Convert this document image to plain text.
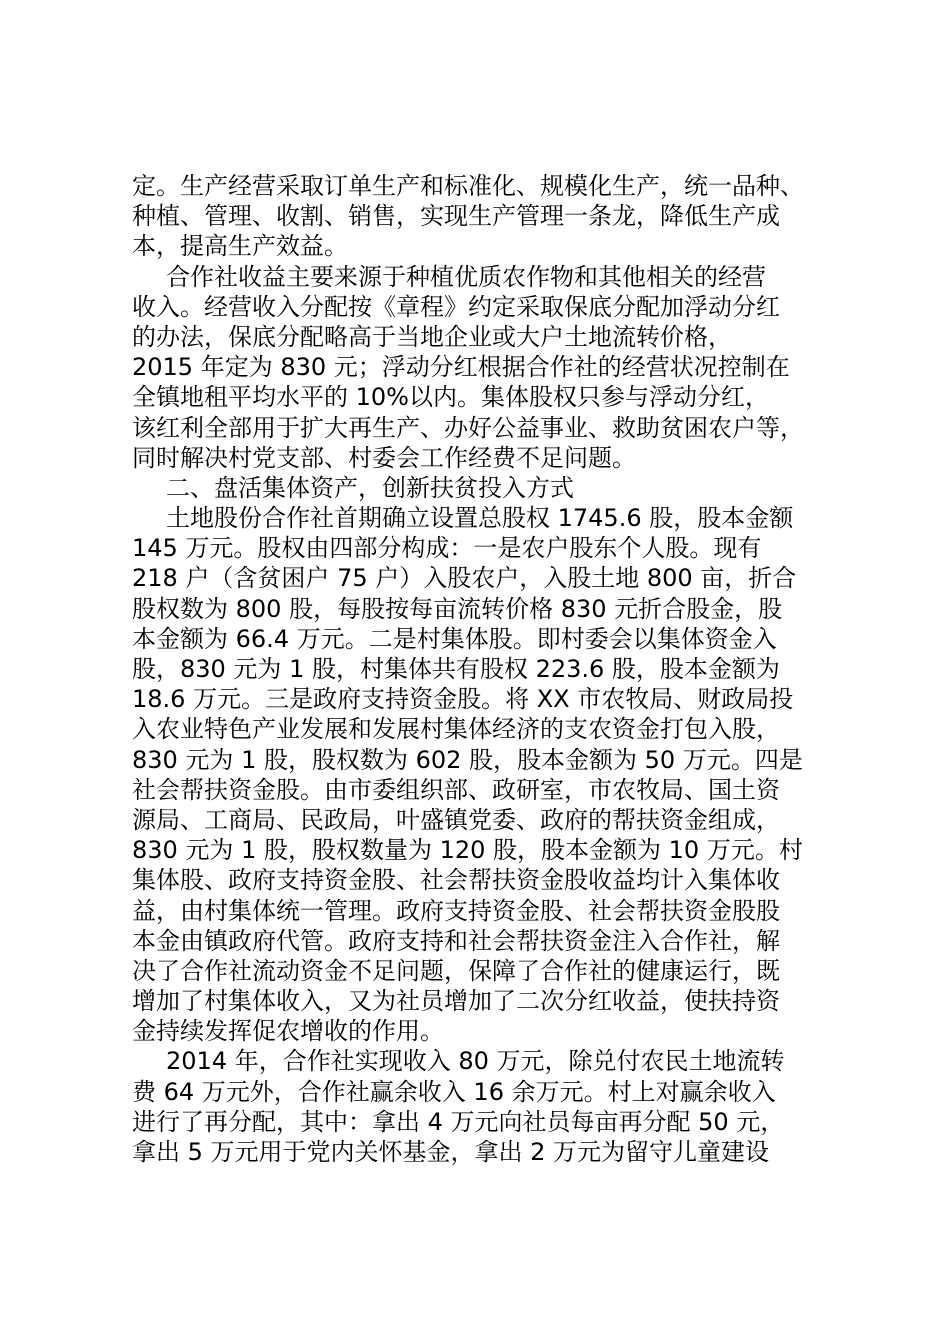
定。生产经营采取订单生产和标准化、规模化生产，统一品种、
种植、管理、收割、销售，实现生产管理一条龙，降低生产成
本，提高生产效益。
合作社收益主要来源于种植优质农作物和其他相关的经营
收入。经营收入分配按《章程》约定采取保底分配加浮动分红
的办法，保底分配略高于当地企业或大户土地流转价格，
2015 年定为 830 元；浮动分红根据合作社的经营状况控制在
全镇地租平均水平的 10%以内。集体股权只参与浮动分红，
该红利全部用于扩大再生产、办好公益事业、救助贫困农户等，
同时解决村党支部、村委会工作经费不足问题。
二、盘活集体资产，创新扶贫投入方式
土地股份合作社首期确立设置总股权 1745.6 股，股本金额
145 万元。股权由四部分构成：一是农户股东个人股。现有
218 户（含贫困户 75 户）入股农户，入股土地 800 亩，折合
股权数为 800 股，每股按每亩流转价格 830 元折合股金，股
本金额为 66.4 万元。二是村集体股。即村委会以集体资金入
股，830 元为 1 股，村集体共有股权 223.6 股，股本金额为
18.6 万元。三是政府支持资金股。将 XX 市农牧局、财政局投
入农业特色产业发展和发展村集体经济的支农资金打包入股，
830 元为 1 股，股权数为 602 股，股本金额为 50 万元。四是
社会帮扶资金股。由市委组织部、政研室，市农牧局、国土资
源局、工商局、民政局，叶盛镇党委、政府的帮扶资金组成，
830 元为 1 股，股权数量为 120 股，股本金额为 10 万元。村
集体股、政府支持资金股、社会帮扶资金股收益均计入集体收
益，由村集体统一管理。政府支持资金股、社会帮扶资金股股
本金由镇政府代管。政府支持和社会帮扶资金注入合作社，解
决了合作社流动资金不足问题，保障了合作社的健康运行，既
增加了村集体收入，又为社员增加了二次分红收益，使扶持资
金持续发挥促农增收的作用。
2014 年，合作社实现收入 80 万元，除兑付农民土地流转
费 64 万元外，合作社赢余收入 16 余万元。村上对赢余收入
进行了再分配，其中：拿出 4 万元向社员每亩再分配 50 元，
拿出 5 万元用于党内关怀基金，拿出 2 万元为留守儿童建设
